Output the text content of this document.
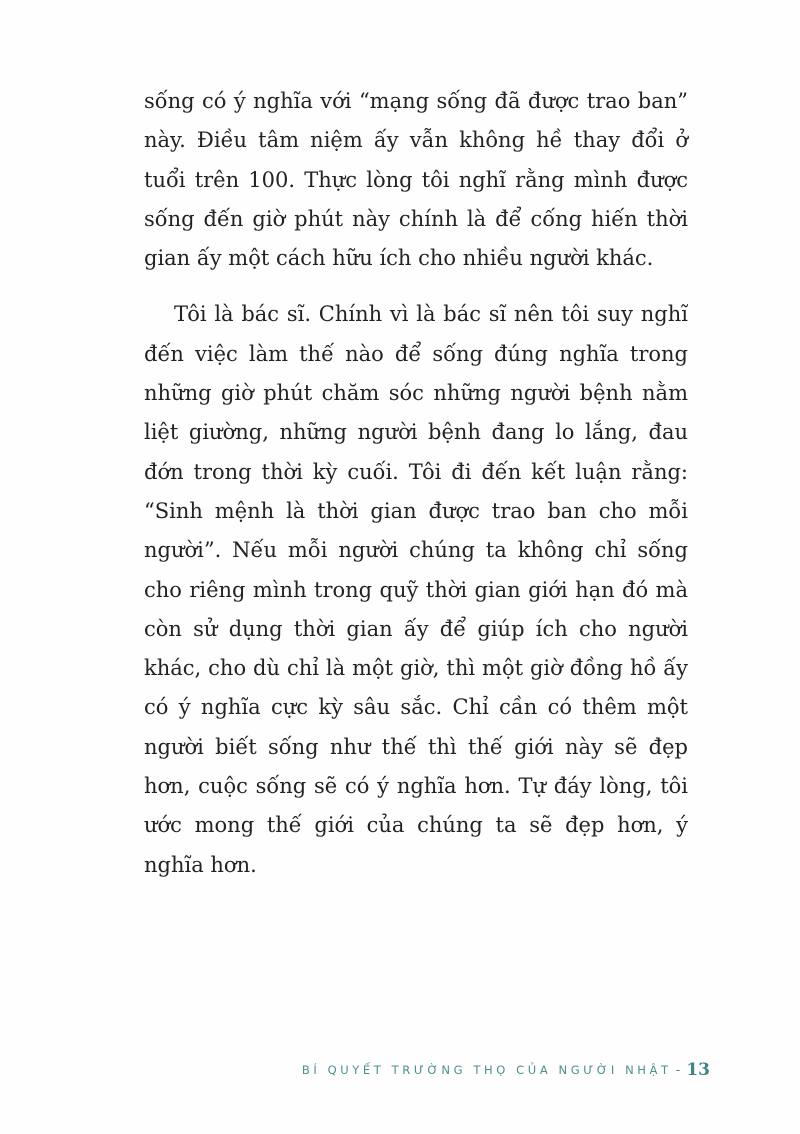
sống có ý nghĩa với “mạng sống đã được trao ban” này. Điều tâm niệm ấy vẫn không hề thay đổi ở tuổi trên 100. Thực lòng tôi nghĩ rằng mình được sống đến giờ phút này chính là để cống hiến thời gian ấy một cách hữu ích cho nhiều người khác.

Tôi là bác sĩ. Chính vì là bác sĩ nên tôi suy nghĩ đến việc làm thế nào để sống đúng nghĩa trong những giờ phút chăm sóc những người bệnh nằm liệt giường, những người bệnh đang lo lắng, đau đớn trong thời kỳ cuối. Tôi đi đến kết luận rằng: “Sinh mệnh là thời gian được trao ban cho mỗi người”. Nếu mỗi người chúng ta không chỉ sống cho riêng mình trong quỹ thời gian giới hạn đó mà còn sử dụng thời gian ấy để giúp ích cho người khác, cho dù chỉ là một giờ, thì một giờ đồng hồ ấy có ý nghĩa cực kỳ sâu sắc. Chỉ cần có thêm một người biết sống như thế thì thế giới này sẽ đẹp hơn, cuộc sống sẽ có ý nghĩa hơn. Tự đáy lòng, tôi ước mong thế giới của chúng ta sẽ đẹp hơn, ý nghĩa hơn.

BÍ QUYẾT TRƯỜNG THỌ CỦA NGƯỜI NHẬT - 13
